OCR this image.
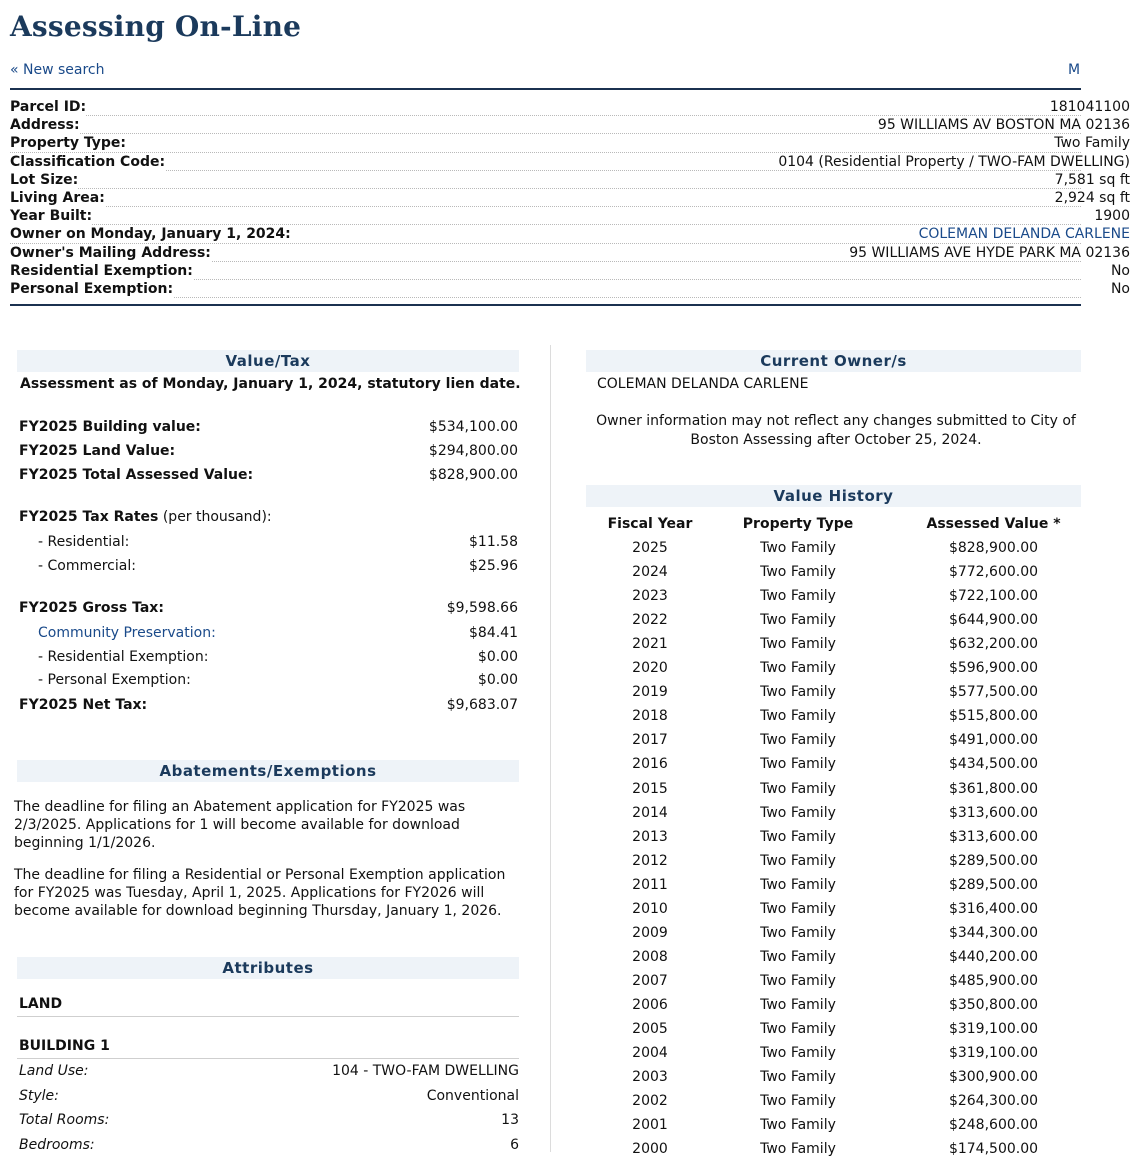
Assessing On-Line
« New search	M
Parcel ID:	181041100
Address:	95 WILLIAMS AV BOSTON MA 02136
Property Type:	Two Family
Classification Code:	0104 (Residential Property / TWO-FAM DWELLING)
Lot Size:	7,581 sq ft
Living Area:	2,924 sq ft
Year Built:	1900
Owner on Monday, January 1, 2024:	COLEMAN DELANDA CARLENE
Owner's Mailing Address:	95 WILLIAMS AVE HYDE PARK MA 02136
Residential Exemption:	No
Personal Exemption:	No
Value/Tax
Assessment as of Monday, January 1, 2024, statutory lien date.
FY2025 Building value:	$534,100.00
FY2025 Land Value:	$294,800.00
FY2025 Total Assessed Value:	$828,900.00
FY2025 Tax Rates (per thousand):
- Residential:	$11.58
- Commercial:	$25.96
FY2025 Gross Tax:	$9,598.66
Community Preservation:	$84.41
- Residential Exemption:	$0.00
- Personal Exemption:	$0.00
FY2025 Net Tax:	$9,683.07
Abatements/Exemptions

The deadline for filing an Abatement application for FY2025 was 2/3/2025. Applications for 1 will become available for download beginning 1/1/2026.

The deadline for filing a Residential or Personal Exemption application for FY2025 was Tuesday, April 1, 2025. Applications for FY2026 will become available for download beginning Thursday, January 1, 2026.

Attributes
LAND
BUILDING 1
Land Use:	104 - TWO-FAM DWELLING
Style:	Conventional
Total Rooms:	13
Bedrooms:	6
Current Owner/s
COLEMAN DELANDA CARLENE
Owner information may not reflect any changes submitted to City of
Boston Assessing after October 25, 2024.
Value History
Fiscal Year	Property Type	Assessed Value *
2025	Two Family	$828,900.00
2024	Two Family	$772,600.00
2023	Two Family	$722,100.00
2022	Two Family	$644,900.00
2021	Two Family	$632,200.00
2020	Two Family	$596,900.00
2019	Two Family	$577,500.00
2018	Two Family	$515,800.00
2017	Two Family	$491,000.00
2016	Two Family	$434,500.00
2015	Two Family	$361,800.00
2014	Two Family	$313,600.00
2013	Two Family	$313,600.00
2012	Two Family	$289,500.00
2011	Two Family	$289,500.00
2010	Two Family	$316,400.00
2009	Two Family	$344,300.00
2008	Two Family	$440,200.00
2007	Two Family	$485,900.00
2006	Two Family	$350,800.00
2005	Two Family	$319,100.00
2004	Two Family	$319,100.00
2003	Two Family	$300,900.00
2002	Two Family	$264,300.00
2001	Two Family	$248,600.00
2000	Two Family	$174,500.00
